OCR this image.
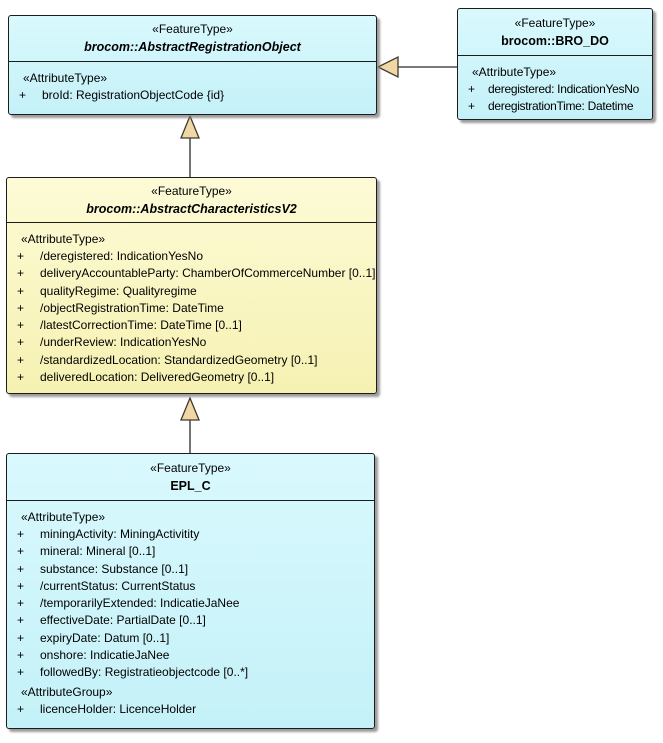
«FeatureType»
brocom::AbstractRegistrationObject
«AttributeType»
+ broId: RegistrationObjectCode {id}
«FeatureType»
brocom::BRO_DO
«AttributeType»
+ deregistered: IndicationYesNo
+ deregistrationTime: Datetime
«FeatureType»
brocom::AbstractCharacteristicsV2
«AttributeType»
+ /deregistered: IndicationYesNo
+ deliveryAccountableParty: ChamberOfCommerceNumber [0..1]
+ qualityRegime: Qualityregime
+ /objectRegistrationTime: DateTime
+ /latestCorrectionTime: DateTime [0..1]
+ /underReview: IndicationYesNo
+ /standardizedLocation: StandardizedGeometry [0..1]
+ deliveredLocation: DeliveredGeometry [0..1]
«FeatureType»
EPL_C
«AttributeType»
+ miningActivity: MiningActivitity
+ mineral: Mineral [0..1]
+ substance: Substance [0..1]
+ /currentStatus: CurrentStatus
+ /temporarilyExtended: IndicatieJaNee
+ effectiveDate: PartialDate [0..1]
+ expiryDate: Datum [0..1]
+ onshore: IndicatieJaNee
+ followedBy: Registratieobjectcode [0..*]
«AttributeGroup»
+ licenceHolder: LicenceHolder
